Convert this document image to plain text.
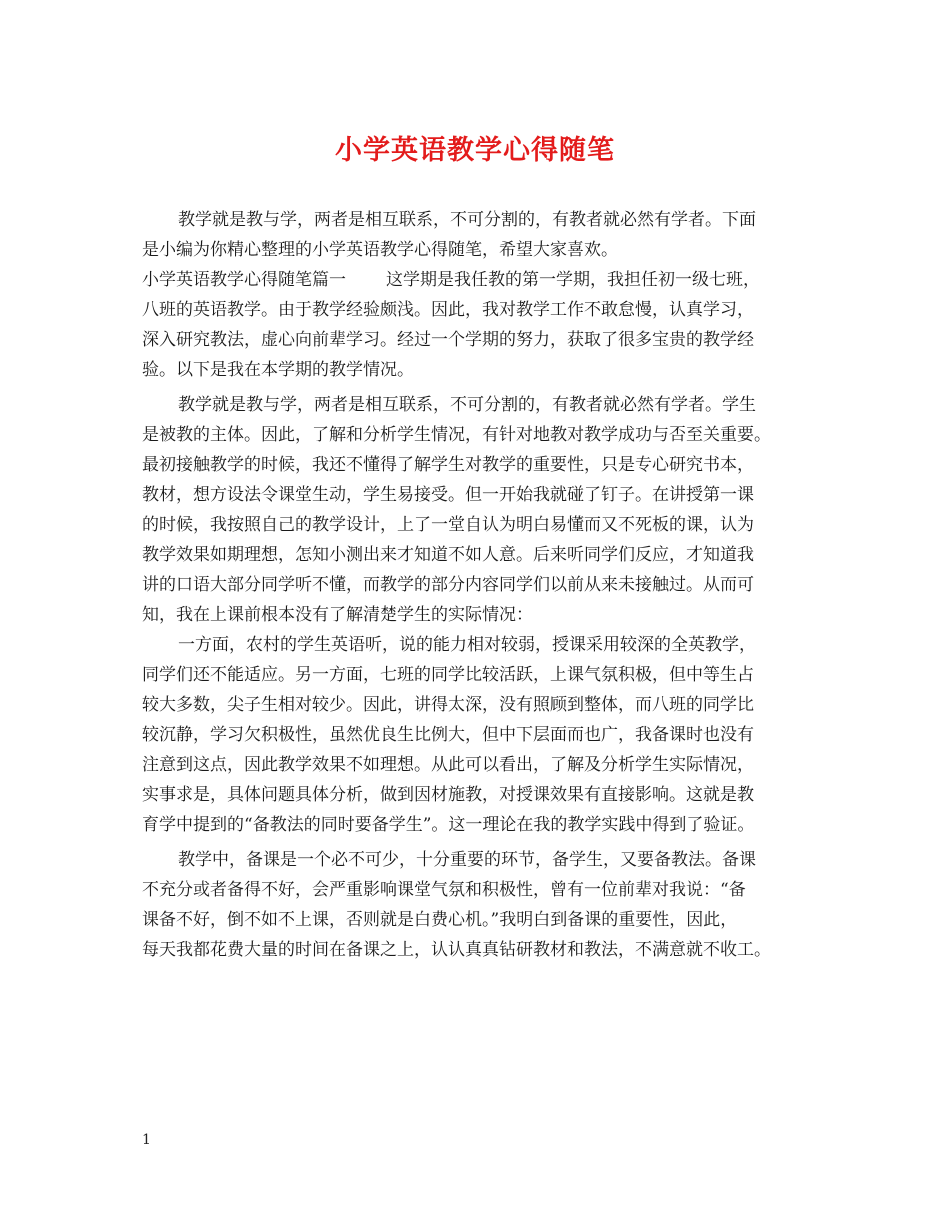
小学英语教学心得随笔
教学就是教与学，两者是相互联系，不可分割的，有教者就必然有学者。下面
是小编为你精心整理的小学英语教学心得随笔，希望大家喜欢。
小学英语教学心得随笔篇一 这学期是我任教的第一学期，我担任初一级七班，
八班的英语教学。由于教学经验颇浅。因此，我对教学工作不敢怠慢，认真学习，
深入研究教法，虚心向前辈学习。经过一个学期的努力，获取了很多宝贵的教学经
验。以下是我在本学期的教学情况。
教学就是教与学，两者是相互联系，不可分割的，有教者就必然有学者。学生
是被教的主体。因此，了解和分析学生情况，有针对地教对教学成功与否至关重要。
最初接触教学的时候，我还不懂得了解学生对教学的重要性，只是专心研究书本，
教材，想方设法令课堂生动，学生易接受。但一开始我就碰了钉子。在讲授第一课
的时候，我按照自己的教学设计，上了一堂自认为明白易懂而又不死板的课，认为
教学效果如期理想，怎知小测出来才知道不如人意。后来听同学们反应，才知道我
讲的口语大部分同学听不懂，而教学的部分内容同学们以前从来未接触过。从而可
知，我在上课前根本没有了解清楚学生的实际情况：
一方面，农村的学生英语听，说的能力相对较弱，授课采用较深的全英教学，
同学们还不能适应。另一方面，七班的同学比较活跃，上课气氛积极，但中等生占
较大多数，尖子生相对较少。因此，讲得太深，没有照顾到整体，而八班的同学比
较沉静，学习欠积极性，虽然优良生比例大，但中下层面而也广，我备课时也没有
注意到这点，因此教学效果不如理想。从此可以看出，了解及分析学生实际情况，
实事求是，具体问题具体分析，做到因材施教，对授课效果有直接影响。这就是教
育学中提到的“备教法的同时要备学生”。这一理论在我的教学实践中得到了验证。
教学中，备课是一个必不可少，十分重要的环节，备学生，又要备教法。备课
不充分或者备得不好，会严重影响课堂气氛和积极性，曾有一位前辈对我说：“备
课备不好，倒不如不上课，否则就是白费心机。”我明白到备课的重要性，因此，
每天我都花费大量的时间在备课之上，认认真真钻研教材和教法，不满意就不收工。
1
